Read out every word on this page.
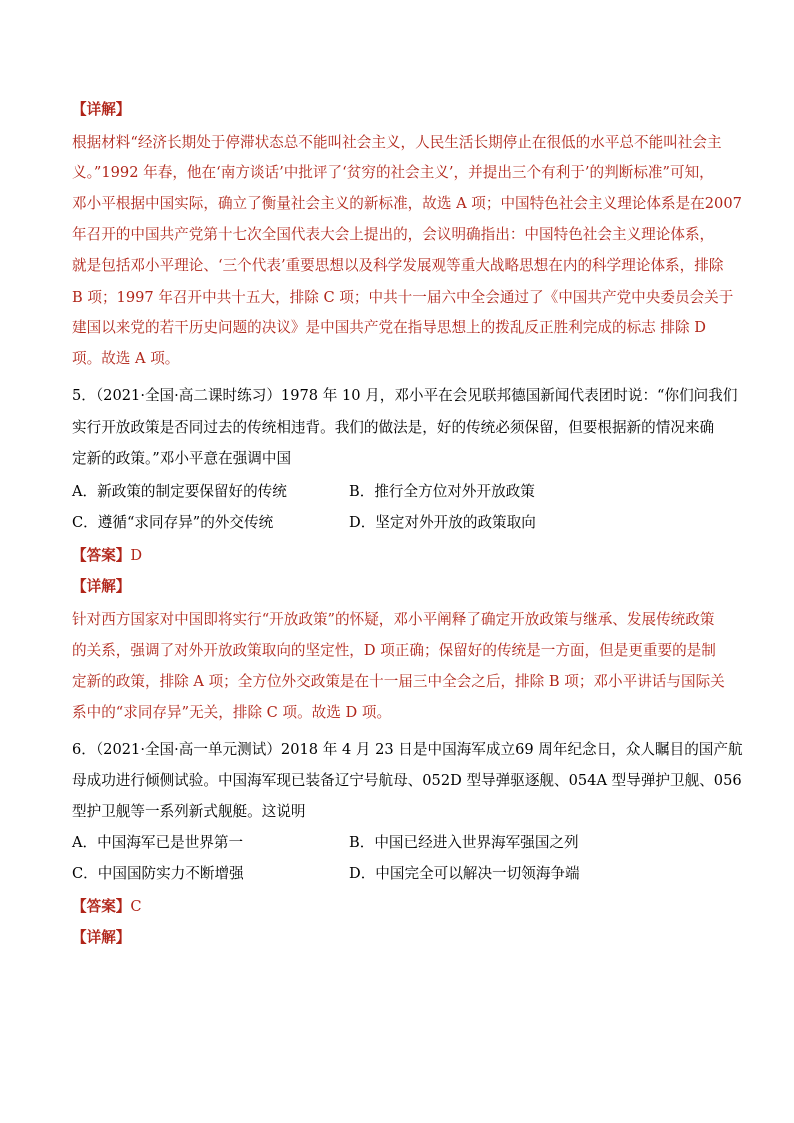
【详解】
根据材料“经济长期处于停滞状态总不能叫社会主义，人民生活长期停止在很低的水平总不能叫社会主
义。”1992 年春，他在‘南方谈话’中批评了‘贫穷的社会主义’，并提出三个有利于’的判断标准”可知，
邓小平根据中国实际，确立了衡量社会主义的新标准，故选 A 项；中国特色社会主义理论体系是在2007
年召开的中国共产党第十七次全国代表大会上提出的，会议明确指出：中国特色社会主义理论体系，
就是包括邓小平理论、‘三个代表’重要思想以及科学发展观等重大战略思想在内的科学理论体系，排除
B 项；1997 年召开中共十五大，排除 C 项；中共十一届六中全会通过了《中国共产党中央委员会关于
建国以来党的若干历史问题的决议》是中国共产党在指导思想上的拨乱反正胜利完成的标志 排除 D
项。故选 A 项。
5．（2021·全国·高二课时练习）1978 年 10 月，邓小平在会见联邦德国新闻代表团时说：“你们问我们
实行开放政策是否同过去的传统相违背。我们的做法是，好的传统必须保留，但要根据新的情况来确
定新的政策。”邓小平意在强调中国
A．新政策的制定要保留好的传统	B．推行全方位对外开放政策
C．遵循“求同存异”的外交传统	D．坚定对外开放的政策取向
【答案】D
【详解】
针对西方国家对中国即将实行“开放政策”的怀疑，邓小平阐释了确定开放政策与继承、发展传统政策
的关系，强调了对外开放政策取向的坚定性，D 项正确；保留好的传统是一方面，但是更重要的是制
定新的政策，排除 A 项；全方位外交政策是在十一届三中全会之后，排除 B 项；邓小平讲话与国际关
系中的“求同存异”无关，排除 C 项。故选 D 项。
6．（2021·全国·高一单元测试）2018 年 4 月 23 日是中国海军成立69 周年纪念日，众人瞩目的国产航
母成功进行倾侧试验。中国海军现已装备辽宁号航母、052D 型导弹驱逐舰、054A 型导弹护卫舰、056
型护卫舰等一系列新式舰艇。这说明
A．中国海军已是世界第一	B．中国已经进入世界海军强国之列
C．中国国防实力不断增强	D．中国完全可以解决一切领海争端
【答案】C
【详解】
